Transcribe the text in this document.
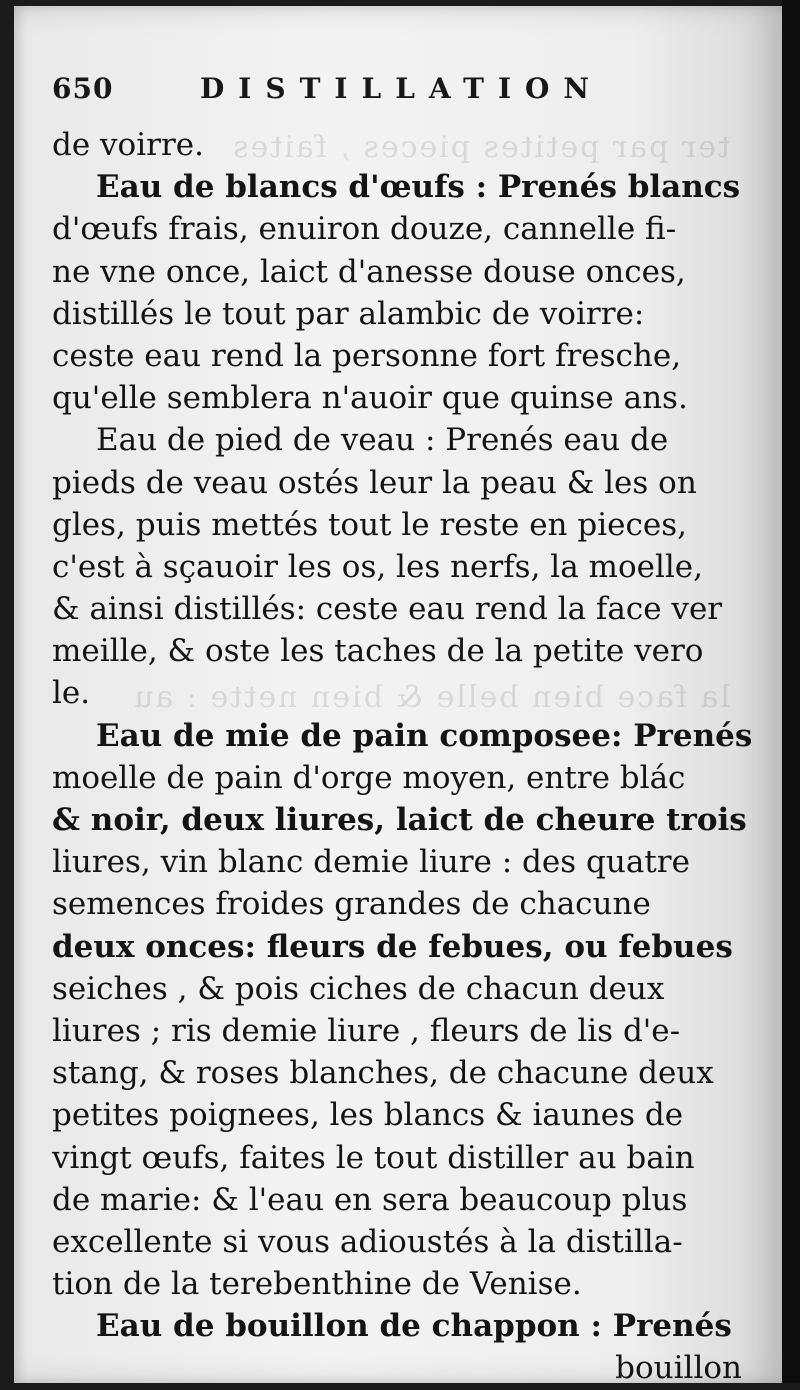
ter par petites pieces , faites
la face bien belle & bien nette : au
650	DISTILLATION
de voirre.
Eau de blancs d'œufs : Prenés blancs
d'œufs frais, enuiron douze, cannelle fi-
ne vne once, laict d'anesse douse onces,
distillés le tout par alambic de voirre:
ceste eau rend la personne fort fresche,
qu'elle semblera n'auoir que quinse ans.
Eau de pied de veau : Prenés eau de
pieds de veau ostés leur la peau & les on
gles, puis mettés tout le reste en pieces,
c'est à sçauoir les os, les nerfs, la moelle,
& ainsi distillés: ceste eau rend la face ver
meille, & oste les taches de la petite vero
le.
Eau de mie de pain composee: Prenés
moelle de pain d'orge moyen, entre blác
& noir, deux liures, laict de cheure trois
liures, vin blanc demie liure : des quatre
semences froides grandes de chacune
deux onces: fleurs de febues, ou febues
seiches , & pois ciches de chacun deux
liures ; ris demie liure , fleurs de lis d'e-
stang, & roses blanches, de chacune deux
petites poignees, les blancs & iaunes de
vingt œufs, faites le tout distiller au bain
de marie: & l'eau en sera beaucoup plus
excellente si vous adioustés à la distilla-
tion de la terebenthine de Venise.
Eau de bouillon de chappon : Prenés
bouillon
